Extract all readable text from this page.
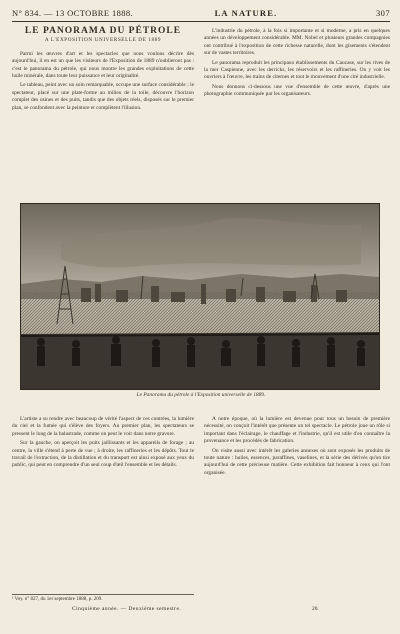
N° 834. — 13 OCTOBRE 1888.	LA NATURE.	307
LE PANORAMA DU PÉTROLE
A L'EXPOSITION UNIVERSELLE DE 1889

Parmi les œuvres d'art et les spectacles que nous voulons décrire dès aujourd'hui, il en est un que les visiteurs de l'Exposition de 1889 n'oublieront pas : c'est le panorama du pétrole, qui nous montre les grandes exploitations de cette huile minérale, dans toute leur puissance et leur originalité.

Le tableau, peint avec un soin remarquable, occupe une surface considérable ; le spectateur, placé sur une plate-forme au milieu de la toile, découvre l'horizon complet des usines et des puits, tandis que des objets réels, disposés sur le premier plan, se confondent avec la peinture et complètent l'illusion.

L'industrie du pétrole, à la fois si importante et si moderne, a pris en quelques années un développement considérable. MM. Nobel et plusieurs grandes compagnies ont contribué à l'exposition de cette richesse naturelle, dont les gisements s'étendent sur de vastes territoires.

Le panorama reproduit les principaux établissements du Caucase, sur les rives de la mer Caspienne, avec les derricks, les réservoirs et les raffineries. On y voit les ouvriers à l'œuvre, les trains de citernes et tout le mouvement d'une cité industrielle.

Nous donnons ci-dessous une vue d'ensemble de cette œuvre, d'après une photographie communiquée par les organisateurs.

Le Panorama du pétrole à l'Exposition universelle de 1889.

L'artiste a su rendre avec beaucoup de vérité l'aspect de ces contrées, la lumière du ciel et la fumée qui s'élève des foyers. Au premier plan, les spectateurs se pressent le long de la balustrade, comme on peut le voir dans notre gravure.

Sur la gauche, on aperçoit les puits jaillissants et les appareils de forage ; au centre, la ville s'étend à perte de vue ; à droite, les raffineries et les dépôts. Tout le travail de l'extraction, de la distillation et du transport est ainsi exposé aux yeux du public, qui peut en comprendre d'un seul coup d'œil l'ensemble et les détails.

A notre époque, où la lumière est devenue pour tous un besoin de première nécessité, on conçoit l'intérêt que présente un tel spectacle. Le pétrole joue un rôle si important dans l'éclairage, le chauffage et l'industrie, qu'il est utile d'en connaître la provenance et les procédés de fabrication.

On visite aussi avec intérêt les galeries annexes où sont exposés les produits de toute nature : huiles, essences, paraffines, vaselines, et la série des dérivés qu'on tire aujourd'hui de cette précieuse matière. Cette exhibition fait honneur à ceux qui l'ont organisée.

¹ Voy. n° 827, du 1er septembre 1888, p. 209.
Cinquième année. — Deuxième semestre.	20.
